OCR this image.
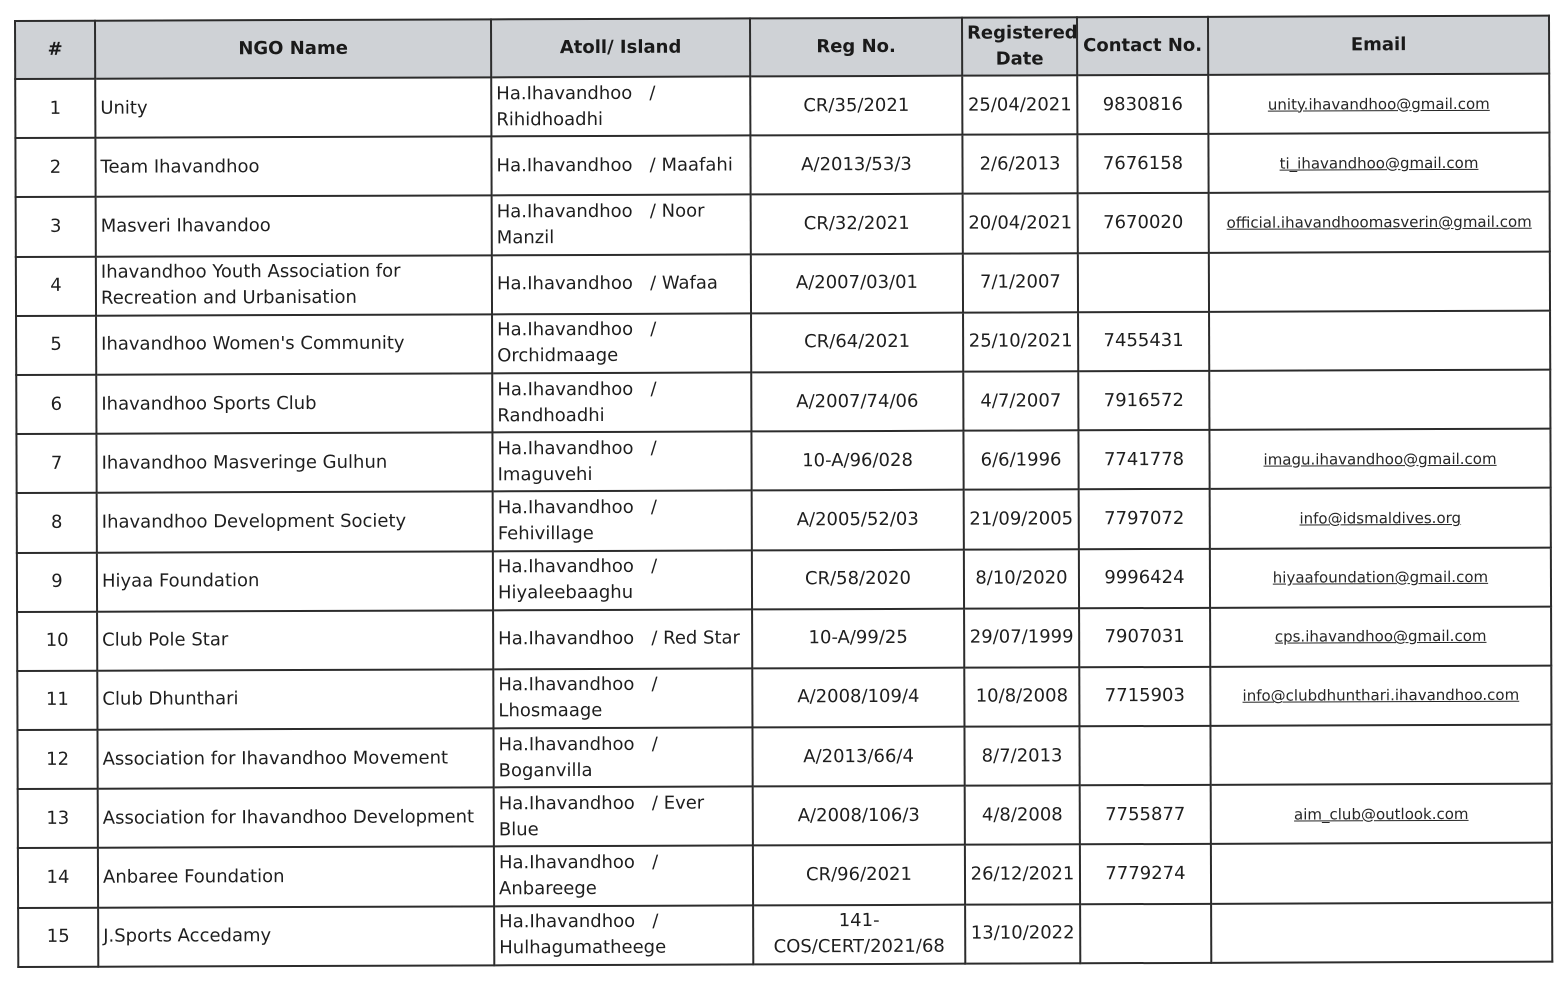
#	NGO Name	Atoll/ Island	Reg No.	Registered Date	Contact No.	Email
1	Unity	Ha.Ihavandhoo   /   Rihidhoadhi	CR/35/2021	25/04/2021	9830816	unity.ihavandhoo@gmail.com
2	Team Ihavandhoo	Ha.Ihavandhoo   / Maafahi	A/2013/53/3	2/6/2013	7676158	ti_ihavandhoo@gmail.com
3	Masveri Ihavandoo	Ha.Ihavandhoo   / Noor Manzil	CR/32/2021	20/04/2021	7670020	official.ihavandhoomasverin@gmail.com
4	Ihavandhoo Youth Association for Recreation and Urbanisation	Ha.Ihavandhoo   / Wafaa	A/2007/03/01	7/1/2007		
5	Ihavandhoo Women's Community	Ha.Ihavandhoo   /   Orchidmaage	CR/64/2021	25/10/2021	7455431	
6	Ihavandhoo Sports Club	Ha.Ihavandhoo   /   Randhoadhi	A/2007/74/06	4/7/2007	7916572	
7	Ihavandhoo Masveringe Gulhun	Ha.Ihavandhoo   / Imaguvehi	10-A/96/028	6/6/1996	7741778	imagu.ihavandhoo@gmail.com
8	Ihavandhoo Development Society	Ha.Ihavandhoo   / Fehivillage	A/2005/52/03	21/09/2005	7797072	info@idsmaldives.org
9	Hiyaa Foundation	Ha.Ihavandhoo   /   Hiyaleebaaghu	CR/58/2020	8/10/2020	9996424	hiyaafoundation@gmail.com
10	Club Pole Star	Ha.Ihavandhoo   / Red Star	10-A/99/25	29/07/1999	7907031	cps.ihavandhoo@gmail.com
11	Club Dhunthari	Ha.Ihavandhoo   / Lhosmaage	A/2008/109/4	10/8/2008	7715903	info@clubdhunthari.ihavandhoo.com
12	Association for Ihavandhoo Movement	Ha.Ihavandhoo   / Boganvilla	A/2013/66/4	8/7/2013		
13	Association for Ihavandhoo Development	Ha.Ihavandhoo   / Ever Blue	A/2008/106/3	4/8/2008	7755877	aim_club@outlook.com
14	Anbaree Foundation	Ha.Ihavandhoo   / Anbareege	CR/96/2021	26/12/2021	7779274	
15	J.Sports Accedamy	Ha.Ihavandhoo   /   Hulhagumatheege	141-COS/CERT/2021/68	13/10/2022		
